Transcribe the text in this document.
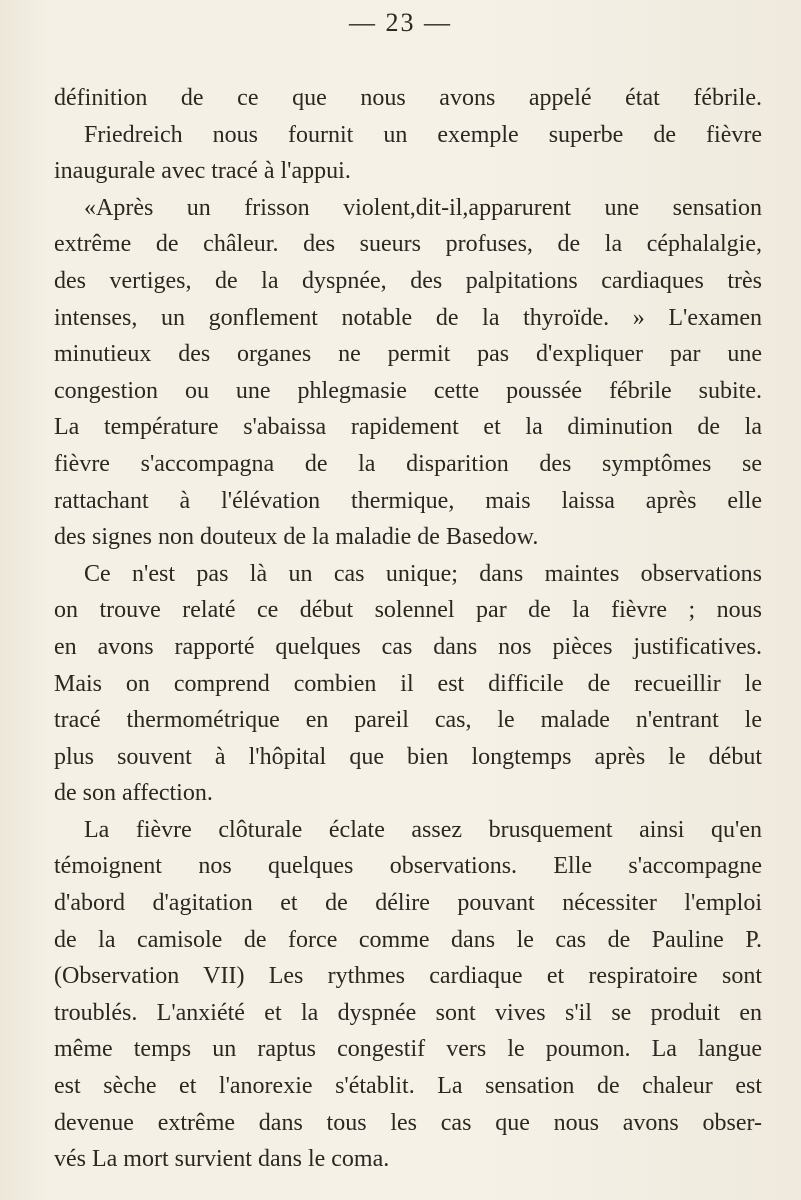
— 23 —
définition de ce que nous avons appelé état fébrile.
Friedreich nous fournit un exemple superbe de fièvre
inaugurale avec tracé à l'appui.
«Après un frisson violent,dit-il,apparurent une sensation
extrême de châleur. des sueurs profuses, de la céphalalgie,
des vertiges, de la dyspnée, des palpitations cardiaques très
intenses, un gonflement notable de la thyroïde. » L'examen
minutieux des organes ne permit pas d'expliquer par une
congestion ou une phlegmasie cette poussée fébrile subite.
La température s'abaissa rapidement et la diminution de la
fièvre s'accompagna de la disparition des symptômes se
rattachant à l'élévation thermique, mais laissa après elle
des signes non douteux de la maladie de Basedow.
Ce n'est pas là un cas unique; dans maintes observations
on trouve relaté ce début solennel par de la fièvre ; nous
en avons rapporté quelques cas dans nos pièces justificatives.
Mais on comprend combien il est difficile de recueillir le
tracé thermométrique en pareil cas, le malade n'entrant le
plus souvent à l'hôpital que bien longtemps après le début
de son affection.
La fièvre clôturale éclate assez brusquement ainsi qu'en
témoignent nos quelques observations. Elle s'accompagne
d'abord d'agitation et de délire pouvant nécessiter l'emploi
de la camisole de force comme dans le cas de Pauline P.
(Observation VII) Les rythmes cardiaque et respiratoire sont
troublés. L'anxiété et la dyspnée sont vives s'il se produit en
même temps un raptus congestif vers le poumon. La langue
est sèche et l'anorexie s'établit. La sensation de chaleur est
devenue extrême dans tous les cas que nous avons obser-
vés La mort survient dans le coma.
